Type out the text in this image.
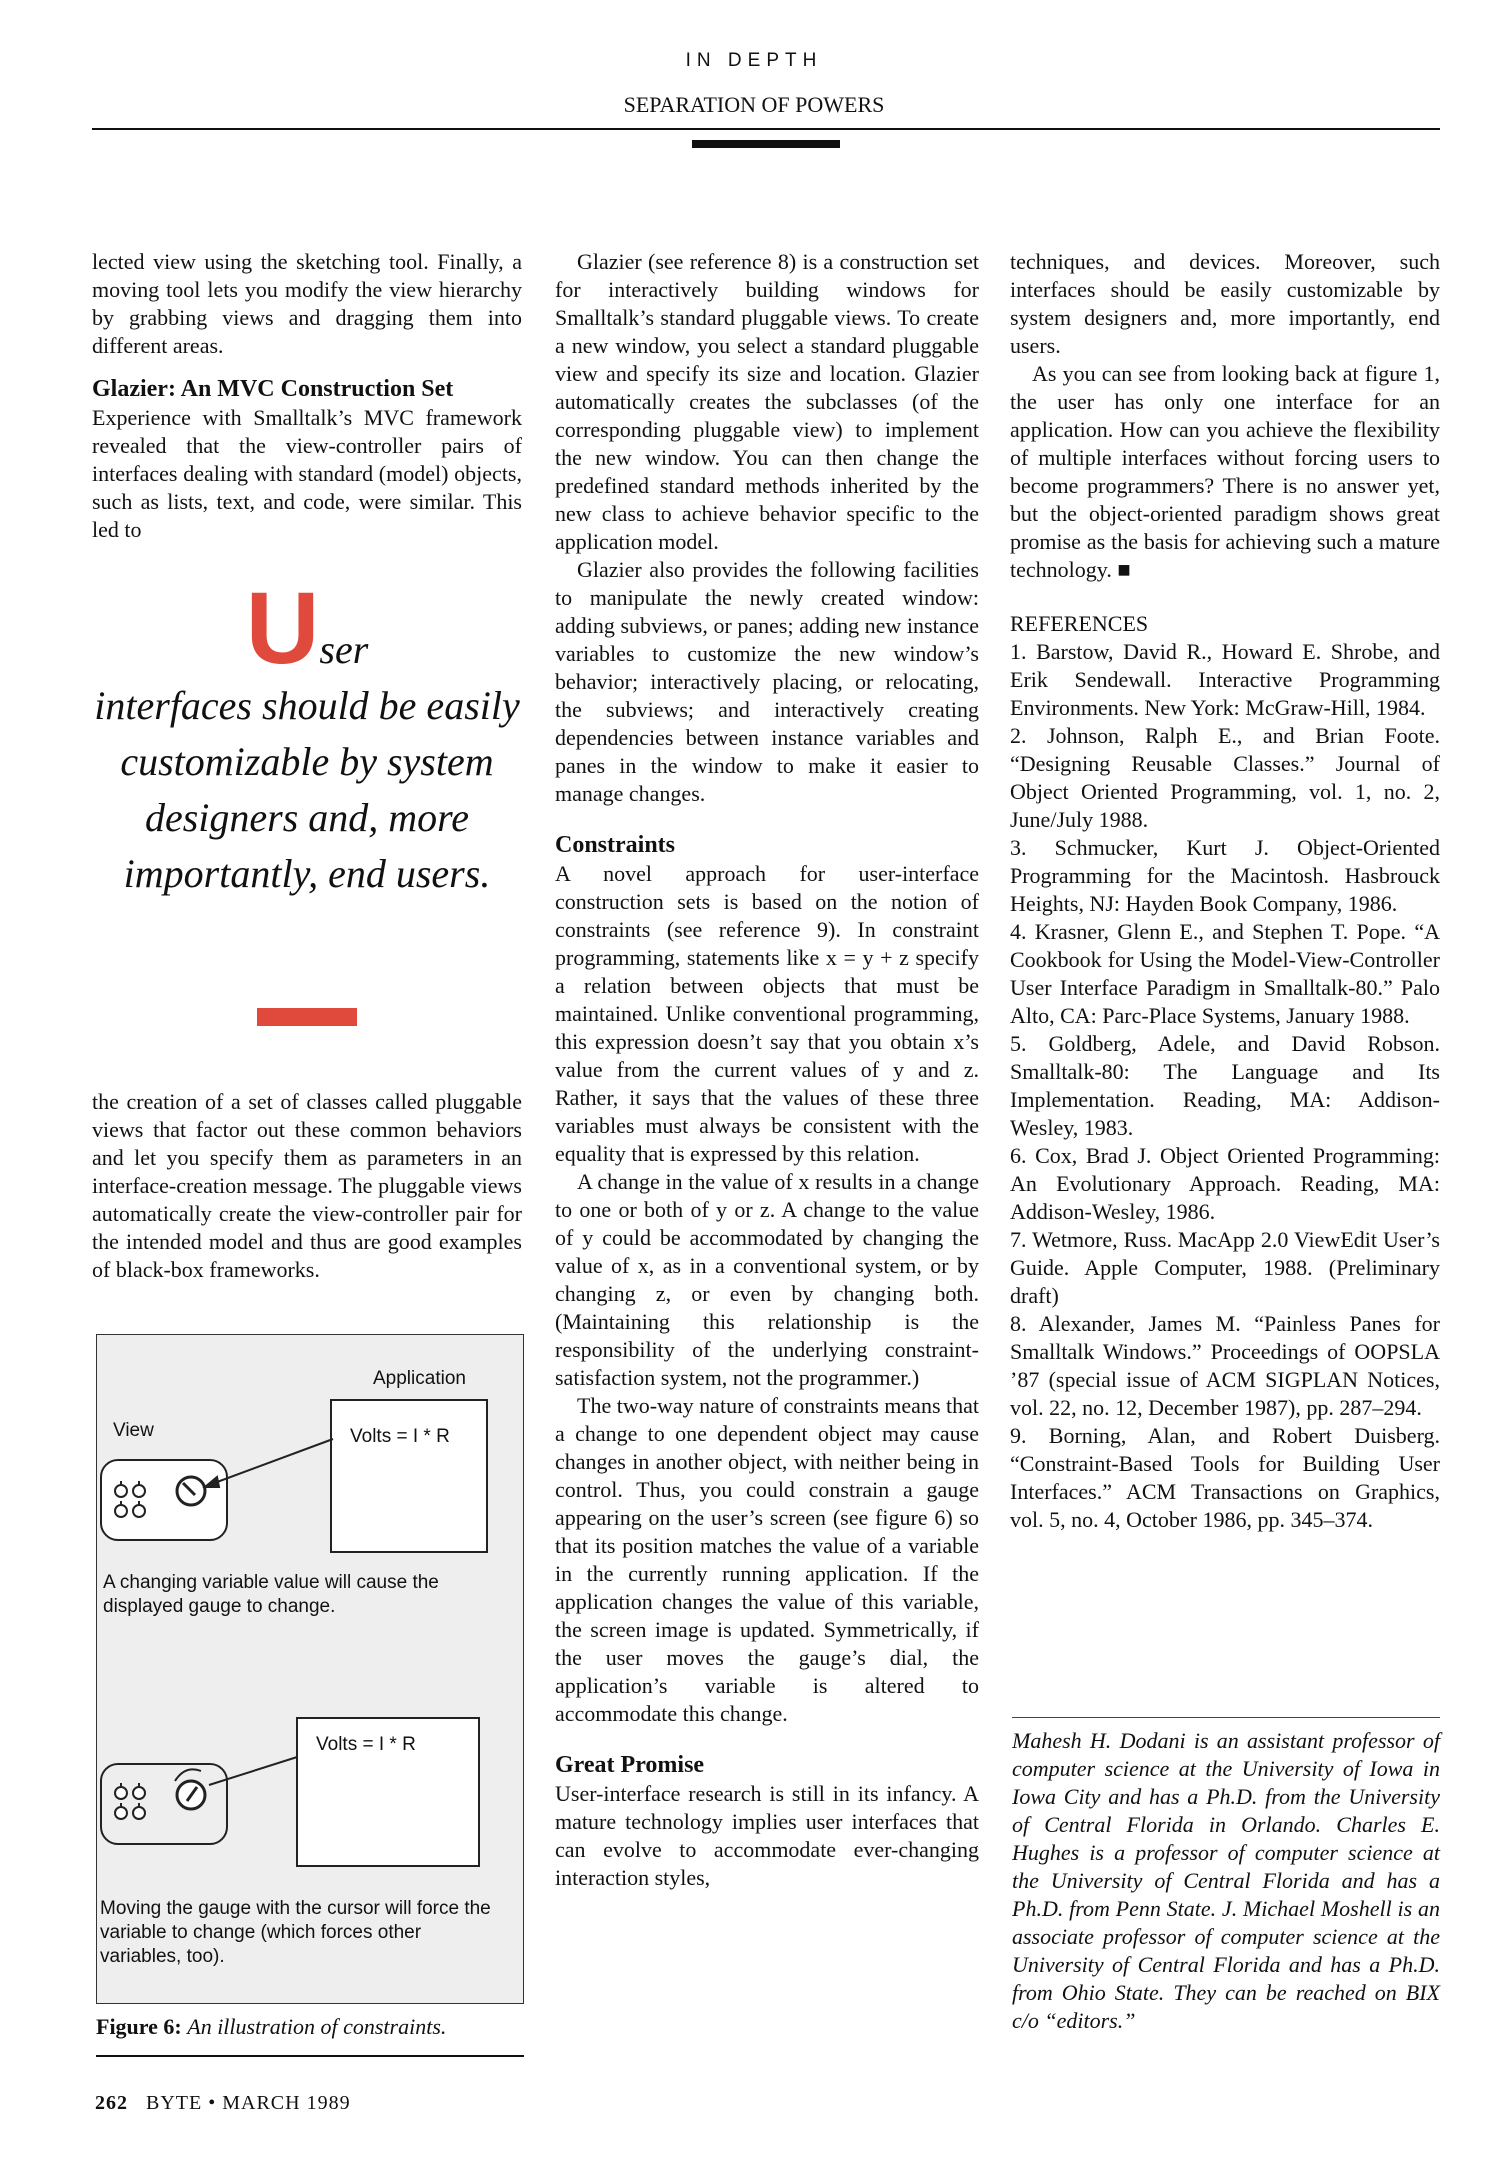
IN DEPTH
SEPARATION OF POWERS

lected view using the sketching tool. Finally, a moving tool lets you modify the view hierarchy by grabbing views and dragging them into different areas.

Glazier: An MVC Construction Set

Experience with Smalltalk’s MVC framework revealed that the view-controller pairs of interfaces dealing with standard (model) objects, such as lists, text, and code, were similar. This led to

User
interfaces should be easily customizable by system designers and, more importantly, end users.

the creation of a set of classes called pluggable views that factor out these common behaviors and let you specify them as parameters in an interface-creation message. The pluggable views automatically create the view-controller pair for the intended model and thus are good examples of black-box frameworks.

Application
Volts = I * R
View
A changing variable value will cause the displayed gauge to change.
Volts = I * R
Moving the gauge with the cursor will force the variable to change (which forces other variables, too).
Figure 6: An illustration of constraints.

Glazier (see reference 8) is a construction set for interactively building windows for Smalltalk’s standard pluggable views. To create a new window, you select a standard pluggable view and specify its size and location. Glazier automatically creates the subclasses (of the corresponding pluggable view) to implement the new window. You can then change the predefined standard methods inherited by the new class to achieve behavior specific to the application model.

Glazier also provides the following facilities to manipulate the newly created window: adding subviews, or panes; adding new instance variables to customize the new window’s behavior; interactively placing, or relocating, the subviews; and interactively creating dependencies between instance variables and panes in the window to make it easier to manage changes.

Constraints

A novel approach for user-interface construction sets is based on the notion of constraints (see reference 9). In constraint programming, statements like x = y + z specify a relation between objects that must be maintained. Unlike conventional programming, this expression doesn’t say that you obtain x’s value from the current values of y and z. Rather, it says that the values of these three variables must always be consistent with the equality that is expressed by this relation.

A change in the value of x results in a change to one or both of y or z. A change to the value of y could be accommodated by changing the value of x, as in a conventional system, or by changing z, or even by changing both. (Maintaining this relationship is the responsibility of the underlying constraint-satisfaction system, not the programmer.)

The two-way nature of constraints means that a change to one dependent object may cause changes in another object, with neither being in control. Thus, you could constrain a gauge appearing on the user’s screen (see figure 6) so that its position matches the value of a variable in the currently running application. If the application changes the value of this variable, the screen image is updated. Symmetrically, if the user moves the gauge’s dial, the application’s variable is altered to accommodate this change.

Great Promise

User-interface research is still in its infancy. A mature technology implies user interfaces that can evolve to accommodate ever-changing interaction styles,

techniques, and devices. Moreover, such interfaces should be easily customizable by system designers and, more importantly, end users.

As you can see from looking back at figure 1, the user has only one interface for an application. How can you achieve the flexibility of multiple interfaces without forcing users to become programmers? There is no answer yet, but the object-oriented paradigm shows great promise as the basis for achieving such a mature technology. ■

REFERENCES

1. Barstow, David R., Howard E. Shrobe, and Erik Sendewall. Interactive Programming Environments. New York: McGraw-Hill, 1984.

2. Johnson, Ralph E., and Brian Foote. “Designing Reusable Classes.” Journal of Object Oriented Programming, vol. 1, no. 2, June/July 1988.

3. Schmucker, Kurt J. Object-Oriented Programming for the Macintosh. Hasbrouck Heights, NJ: Hayden Book Company, 1986.

4. Krasner, Glenn E., and Stephen T. Pope. “A Cookbook for Using the Model-View-Controller User Interface Paradigm in Smalltalk-80.” Palo Alto, CA: Parc-Place Systems, January 1988.

5. Goldberg, Adele, and David Robson. Smalltalk-80: The Language and Its Implementation. Reading, MA: Addison-Wesley, 1983.

6. Cox, Brad J. Object Oriented Programming: An Evolutionary Approach. Reading, MA: Addison-Wesley, 1986.

7. Wetmore, Russ. MacApp 2.0 ViewEdit User’s Guide. Apple Computer, 1988. (Preliminary draft)

8. Alexander, James M. “Painless Panes for Smalltalk Windows.” Proceedings of OOPSLA ’87 (special issue of ACM SIGPLAN Notices, vol. 22, no. 12, December 1987), pp. 287–294.

9. Borning, Alan, and Robert Duisberg. “Constraint-Based Tools for Building User Interfaces.” ACM Transactions on Graphics, vol. 5, no. 4, October 1986, pp. 345–374.

Mahesh H. Dodani is an assistant professor of computer science at the University of Iowa in Iowa City and has a Ph.D. from the University of Central Florida in Orlando. Charles E. Hughes is a professor of computer science at the University of Central Florida and has a Ph.D. from Penn State. J. Michael Moshell is an associate professor of computer science at the University of Central Florida and has a Ph.D. from Ohio State. They can be reached on BIX c/o “editors.”

262 BYTE • MARCH 1989
